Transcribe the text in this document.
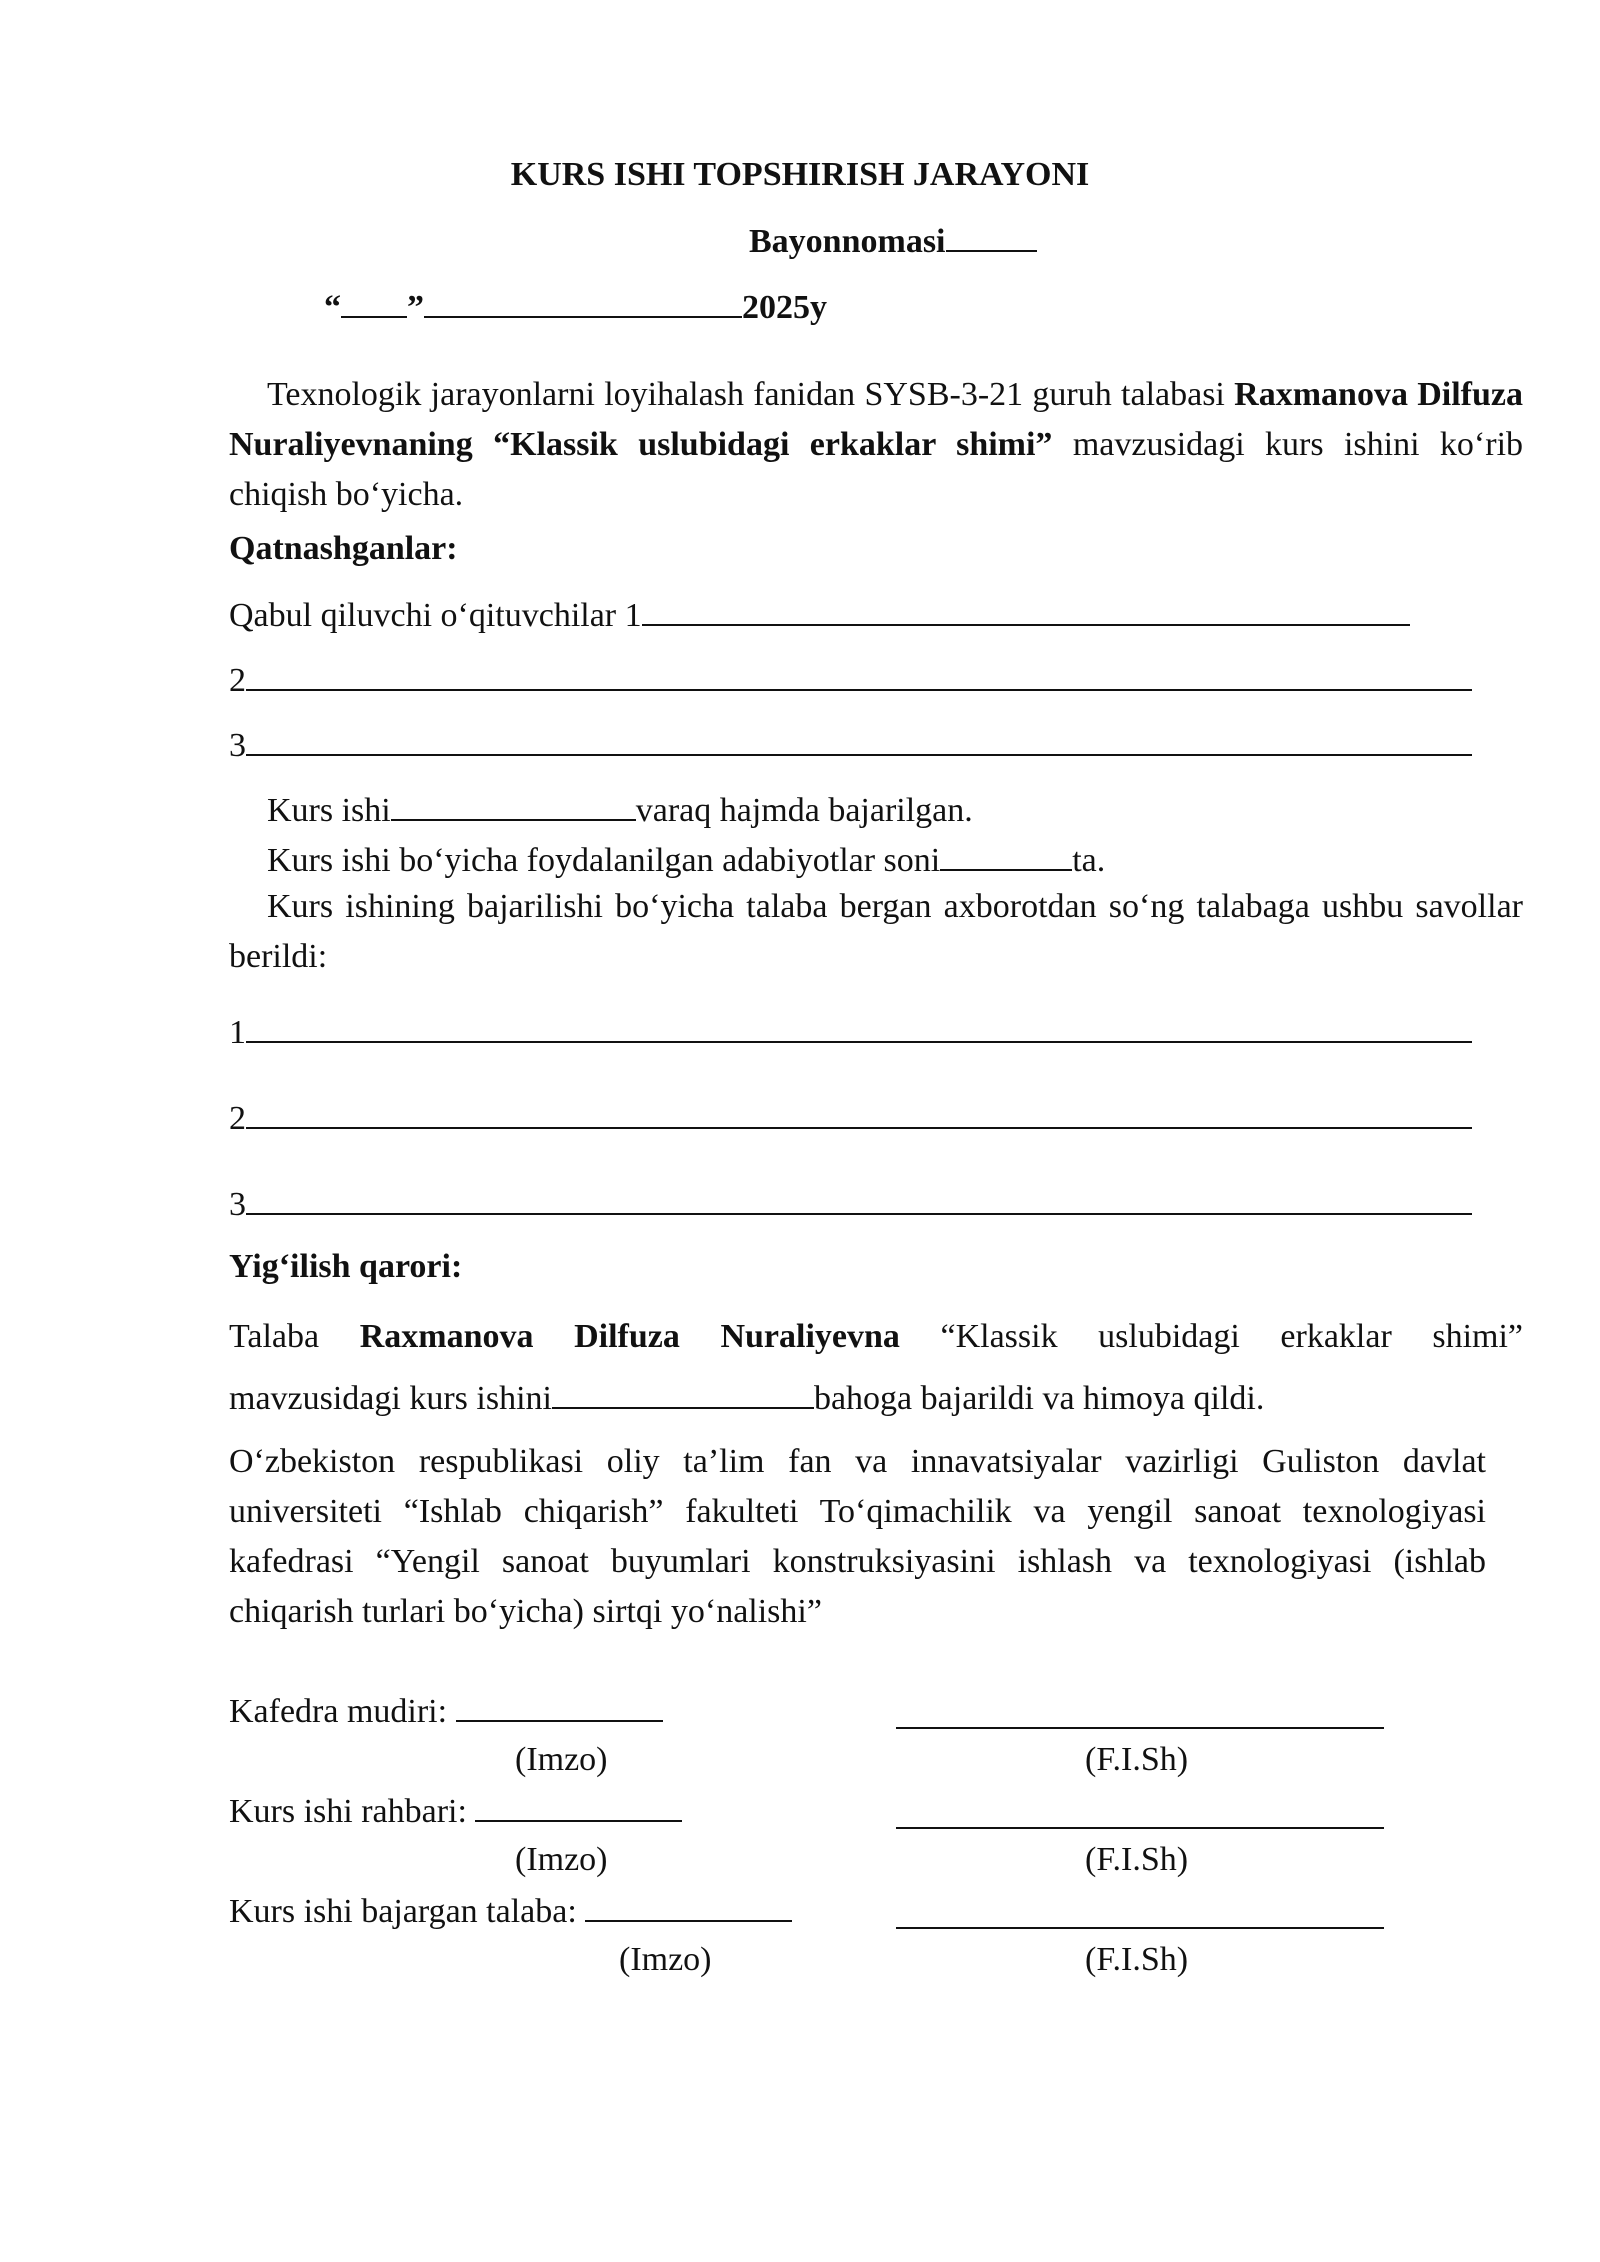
KURS ISHI TOPSHIRISH JARAYONI
Bayonnomasi
“ ”	2025y
Texnologik jarayonlarni loyihalash fanidan SYSB-3-21 guruh talabasi Raxmanova Dilfuza Nuraliyevnaning “Klassik uslubidagi erkaklar shimi” mavzusidagi kurs ishini ko‘rib chiqish bo‘yicha.
Qatnashganlar:
Qabul qiluvchi o‘qituvchilar 1
2
3
Kurs ishi	varaq hajmda bajarilgan.
Kurs ishi bo‘yicha foydalanilgan adabiyotlar soni	ta.
Kurs ishining bajarilishi bo‘yicha talaba bergan axborotdan so‘ng talabaga ushbu savollar berildi:
1
2
3
Yig‘ilish qarori:
Talaba Raxmanova Dilfuza Nuraliyevna “Klassik uslubidagi erkaklar shimi”
mavzusidagi kurs ishini	bahoga bajarildi va himoya qildi.
O‘zbekiston respublikasi oliy ta’lim fan va innavatsiyalar vazirligi Guliston davlat universiteti “Ishlab chiqarish” fakulteti To‘qimachilik va yengil sanoat texnologiyasi kafedrasi “Yengil sanoat buyumlari konstruksiyasini ishlash va texnologiyasi (ishlab chiqarish turlari bo‘yicha) sirtqi yo‘nalishi”
Kafedra mudiri:
(Imzo)	(F.I.Sh)
Kurs ishi rahbari:
(Imzo)	(F.I.Sh)
Kurs ishi bajargan talaba:
(Imzo)	(F.I.Sh)
